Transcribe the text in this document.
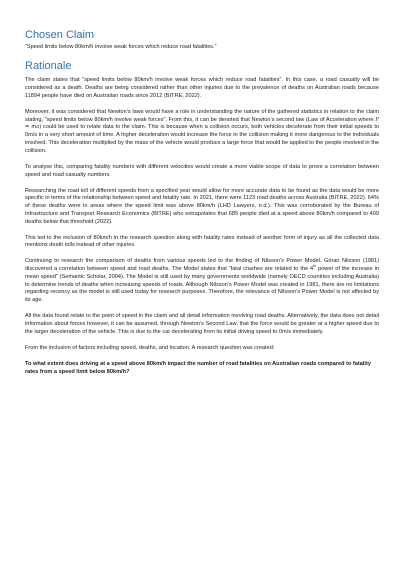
Chosen Claim
“Speed limits below 80km/h involve weak forces which reduce road fatalities.”
Rationale

The claim states that “speed limits below 80km/h involve weak forces which reduce road fatalities”. In this case, a road casualty will be considered as a death. Deaths are being considered rather than other injuries due to the prevalence of deaths on Australian roads because 11894 people have died on Australian roads since 2012 (BITRE, 2022).

Moreover, it was considered that Newton’s laws would have a role in understanding the nature of the gathered statistics in relation to the claim stating, “speed limits below 80km/h involve weak forces”. From this, it can be denoted that Newton’s second law (Law of Acceleration where F = ma) could be used to relate data to the claim. This is because when a collision occurs, both vehicles decelerate from their initial speeds to 0m/s in a very short amount of time. A higher deceleration would increase the force in the collision making it more dangerous to the individuals involved. This deceleration multiplied by the mass of the vehicle would produce a large force that would be applied to the people involved in the collision.

To analyse this, comparing fatality numbers with different velocities would create a more viable scope of data to prove a correlation between speed and road casualty numbers.

Researching the road toll of different speeds from a specified year would allow for more accurate data to be found as the data would be more specific in terms of the relationship between speed and fatality rate. In 2021, there were 1123 road deaths across Australia (BITRE, 2022). 64% of these deaths were in areas where the speed limit was above 80km/h (LHD Lawyers, n.d.). This was corroborated by the Bureau of Infrastructure and Transport Research Economics (BITRE) who extrapolates that 685 people died at a speed above 80km/h compared to 409 deaths below that threshold (2022).

This led to the inclusion of 80km/h in the research question along with fatality rates instead of another form of injury as all the collected data mentions death tolls instead of other injuries.

Continuing to research the comparison of deaths from various speeds led to the finding of Nilsson’s Power Model. Göran Nilsson (1981) discovered a correlation between speed and road deaths. The Model states that “fatal crashes are related to the 4th power of the increase in mean speed” (Semantic Scholar, 2004). The Model is still used by many governments worldwide (namely OECD countries including Australia) to determine trends of deaths when increasing speeds of roads. Although Nilsson’s Power Model was created in 1981, there are no limitations regarding recency as the model is still used today for research purposes. Therefore, the relevance of Nilsson’s Power Model is not affected by its age.

All the data found relate to the point of speed in the claim and all detail information involving road deaths. Alternatively, the data does not detail information about forces however, it can be assumed, through Newton’s Second Law, that the force would be greater at a higher speed due to the larger deceleration of the vehicle. This is due to the car decelerating from its initial driving speed to 0m/s immediately.

From the inclusion of factors including speed, deaths, and location. A research question was created:

To what extent does driving at a speed above 80km/h impact the number of road fatalities on Australian roads compared to fatality rates from a speed limit below 80km/h?
